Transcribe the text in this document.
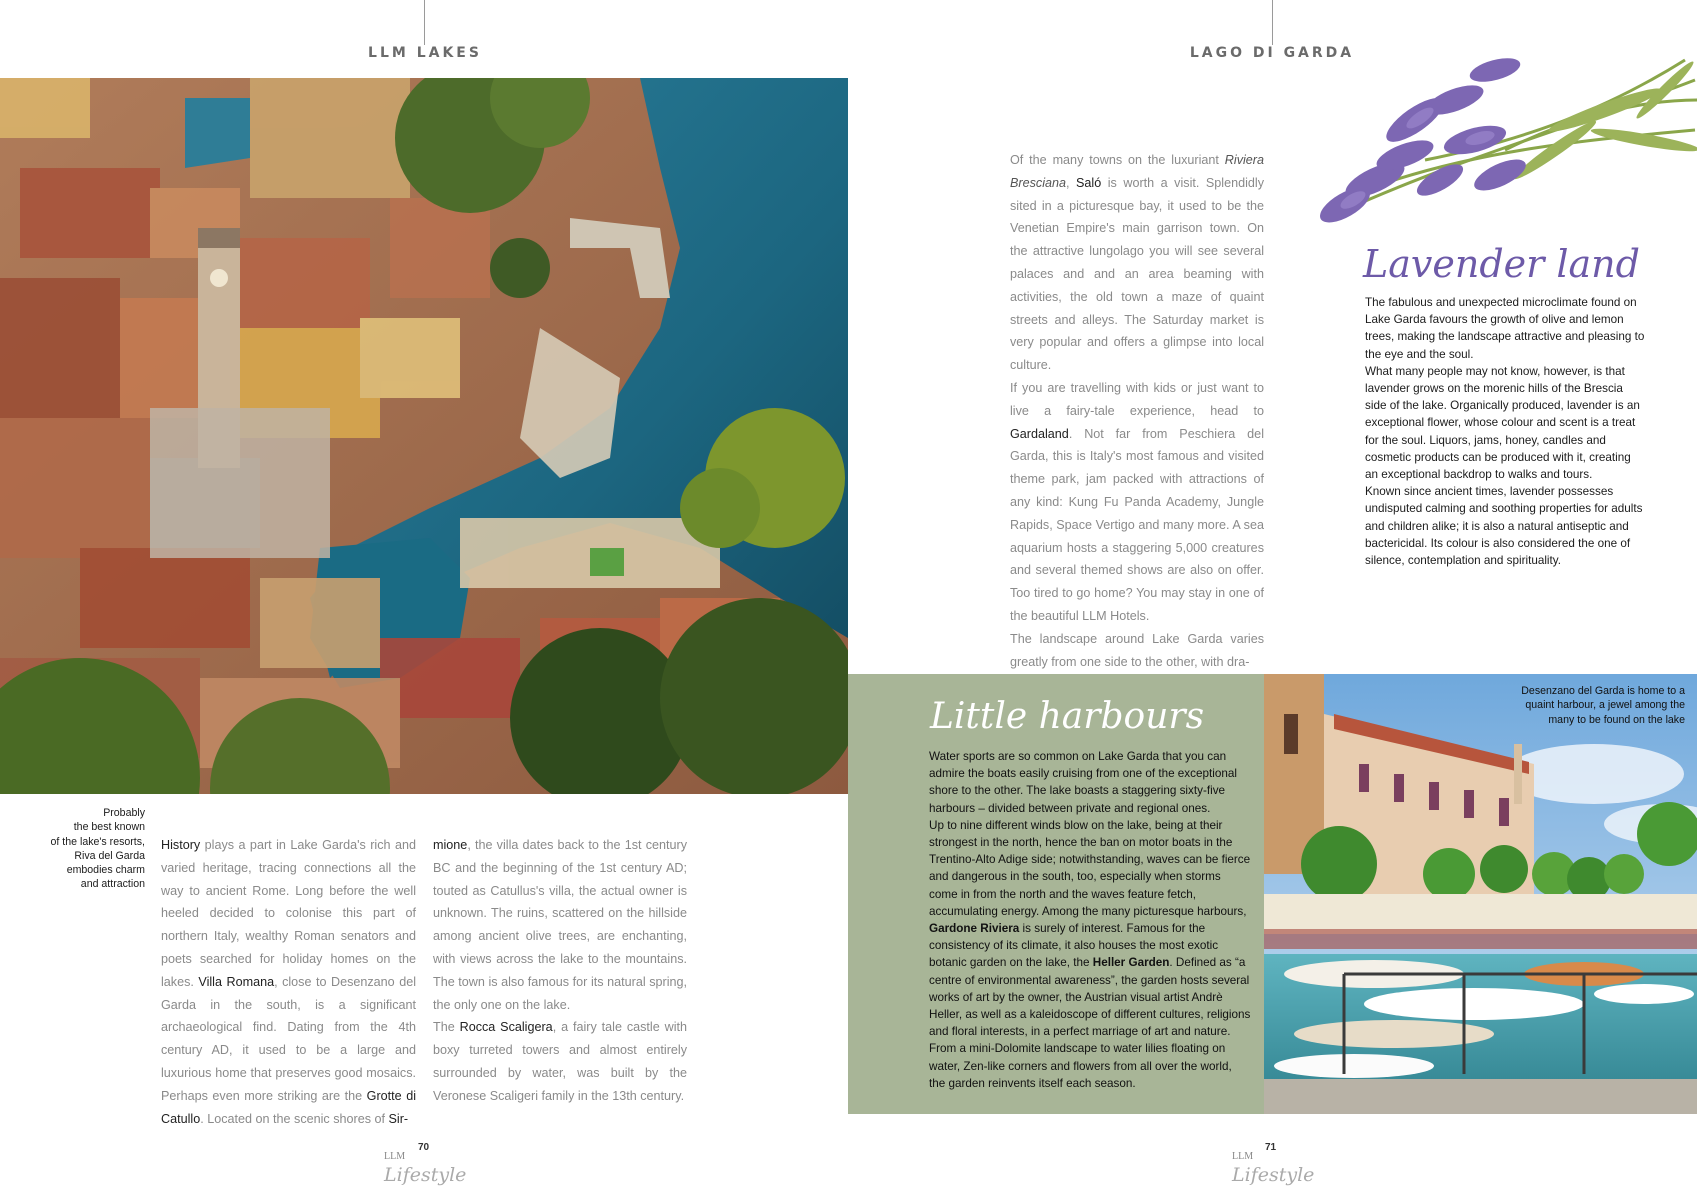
LLM LAKES
Probably
the best known
of the lake's resorts,
Riva del Garda
embodies charm
and attraction

History plays a part in Lake Garda's rich and varied heritage, tracing connections all the way to ancient Rome. Long before the well heeled decided to colonise this part of northern Italy, wealthy Roman senators and poets searched for holiday homes on the lakes. Villa Romana, close to Desenzano del Garda in the south, is a significant archaeological find. Dating from the 4th century AD, it used to be a large and luxurious home that preserves good mosaics. Perhaps even more striking are the Grotte di Catullo. Located on the scenic shores of Sir-

mione, the villa dates back to the 1st century BC and the beginning of the 1st century AD; touted as Catullus's villa, the actual owner is unknown. The ruins, scattered on the hillside among ancient olive trees, are enchanting, with views across the lake to the mountains. The town is also famous for its natural spring, the only one on the lake.

The Rocca Scaligera, a fairy tale castle with boxy turreted towers and almost entirely surrounded by water, was built by the Veronese Scaligeri family in the 13th century.

70
LLM Lifestyle
LAGO DI GARDA

Of the many towns on the luxuriant Riviera Bresciana, Saló is worth a visit. Splendidly sited in a picturesque bay, it used to be the Venetian Empire's main garrison town. On the attractive lungolago you will see several palaces and and an area beaming with activities, the old town a maze of quaint streets and alleys. The Saturday market is very popular and offers a glimpse into local culture.

If you are travelling with kids or just want to live a fairy-tale experience, head to Gardaland. Not far from Peschiera del Garda, this is Italy's most famous and visited theme park, jam packed with attractions of any kind: Kung Fu Panda Academy, Jungle Rapids, Space Vertigo and many more. A sea aquarium hosts a staggering 5,000 creatures and several themed shows are also on offer. Too tired to go home? You may stay in one of the beautiful LLM Hotels.

The landscape around Lake Garda varies greatly from one side to the other, with dra-

Lavender land
The fabulous and unexpected microclimate found on Lake Garda favours the growth of olive and lemon trees, making the landscape attractive and pleasing to the eye and the soul.
What many people may not know, however, is that lavender grows on the morenic hills of the Brescia side of the lake. Organically produced, lavender is an exceptional flower, whose colour and scent is a treat for the soul. Liquors, jams, honey, candles and cosmetic products can be produced with it, creating an exceptional backdrop to walks and tours.
Known since ancient times, lavender possesses undisputed calming and soothing properties for adults and children alike; it is also a natural antiseptic and bactericidal. Its colour is also considered the one of silence, contemplation and spirituality.
Little harbours
Water sports are so common on Lake Garda that you can admire the boats easily cruising from one of the exceptional shore to the other. The lake boasts a staggering sixty-five harbours – divided between private and regional ones.
Up to nine different winds blow on the lake, being at their strongest in the north, hence the ban on motor boats in the Trentino-Alto Adige side; notwithstanding, waves can be fierce and dangerous in the south, too, especially when storms come in from the north and the waves feature fetch, accumulating energy. Among the many picturesque harbours, Gardone Riviera is surely of interest. Famous for the consistency of its climate, it also houses the most exotic botanic garden on the lake, the Heller Garden. Defined as “a centre of environmental awareness”, the garden hosts several works of art by the owner, the Austrian visual artist Andrè Heller, as well as a kaleidoscope of different cultures, religions and floral interests, in a perfect marriage of art and nature. From a mini-Dolomite landscape to water lilies floating on water, Zen-like corners and flowers from all over the world, the garden reinvents itself each season.
Desenzano del Garda is home to a
quaint harbour, a jewel among the
many to be found on the lake
71
LLM Lifestyle
